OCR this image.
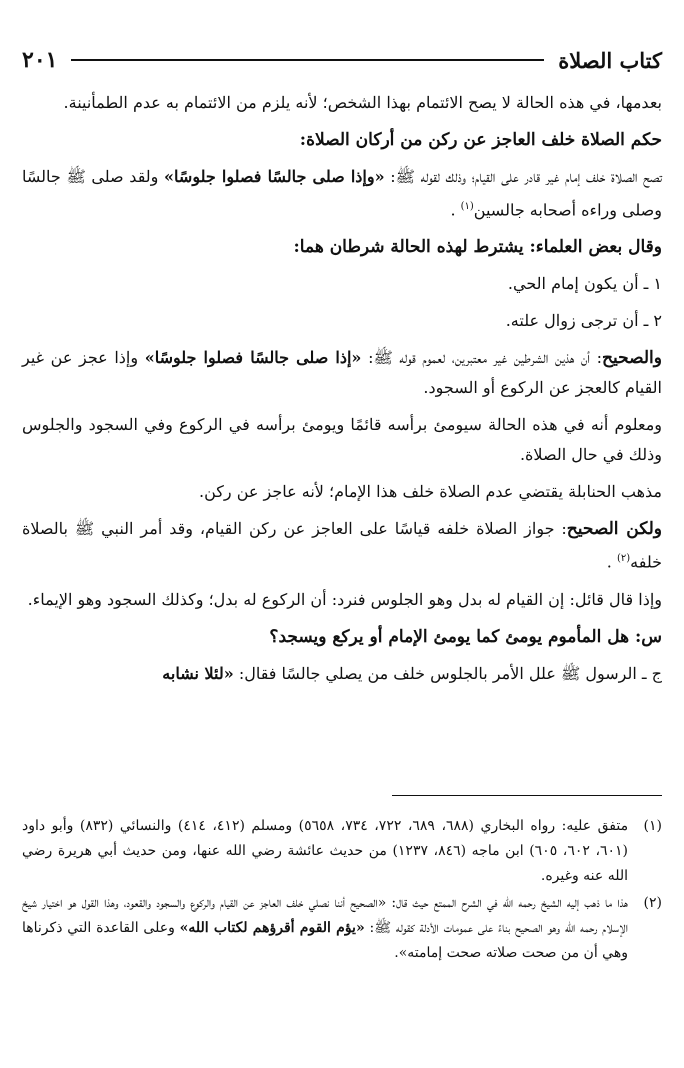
٢٠١	كتاب الصلاة

بعدمها، في هذه الحالة لا يصح الائتمام بهذا الشخص؛ لأنه يلزم من الائتمام به عدم الطمأنينة.

حكم الصلاة خلف العاجز عن ركن من أركان الصلاة:

تصح الصلاة خلف إمام غير قادر على القيام؛ وذلك لقوله ﷺ: «وإذا صلى جالسًا فصلوا جلوسًا» ولقد صلى ﷺ جالسًا وصلى وراءه أصحابه جالسين$^{(١)}$ .

وقال بعض العلماء: يشترط لهذه الحالة شرطان هما:

١ ـ أن يكون إمام الحي.

٢ ـ أن ترجى زوال علته.

والصحيح: أن هذين الشرطين غير معتبرين، لعموم قوله ﷺ: «إذا صلى جالسًا فصلوا جلوسًا» وإذا عجز عن غير القيام كالعجز عن الركوع أو السجود.

ومعلوم أنه في هذه الحالة سيومئ برأسه قائمًا ويومئ برأسه في الركوع وفي السجود والجلوس وذلك في حال الصلاة.

مذهب الحنابلة يقتضي عدم الصلاة خلف هذا الإمام؛ لأنه عاجز عن ركن.

ولكن الصحيح: جواز الصلاة خلفه قياسًا على العاجز عن ركن القيام، وقد أمر النبي ﷺ بالصلاة خلفه$^{(٢)}$ .

وإذا قال قائل: إن القيام له بدل وهو الجلوس فنرد: أن الركوع له بدل؛ وكذلك السجود وهو الإيماء.

س: هل المأموم يومئ كما يومئ الإمام أو يركع ويسجد؟

ج ـ الرسول ﷺ علل الأمر بالجلوس خلف من يصلي جالسًا فقال: «لئلا نشابه

(١)
متفق عليه: رواه البخاري (٦٨٨، ٦٨٩، ٧٢٢، ٧٣٤، ٥٦٥٨) ومسلم (٤١٢، ٤١٤) والنسائي (٨٣٢) وأبو داود (٦٠١، ٦٠٢، ٦٠٥) ابن ماجه (٨٤٦، ١٢٣٧) من حديث عائشة رضي الله عنها، ومن حديث أبي هريرة رضي الله عنه وغيره.
(٢)
هذا ما ذهب إليه الشيخ رحمه الله في الشرح الممتع حيث قال: «الصحيح أننا نصلي خلف العاجز عن القيام والركوع والسجود والقعود، وهذا القول هو اختيار شيخ الإسلام رحمه الله وهو الصحيح بناءً على عمومات الأدلة كقوله ﷺ: «يؤم القوم أقرؤهم لكتاب الله» وعلى القاعدة التي ذكرناها وهي أن من صحت صلاته صحت إمامته».
